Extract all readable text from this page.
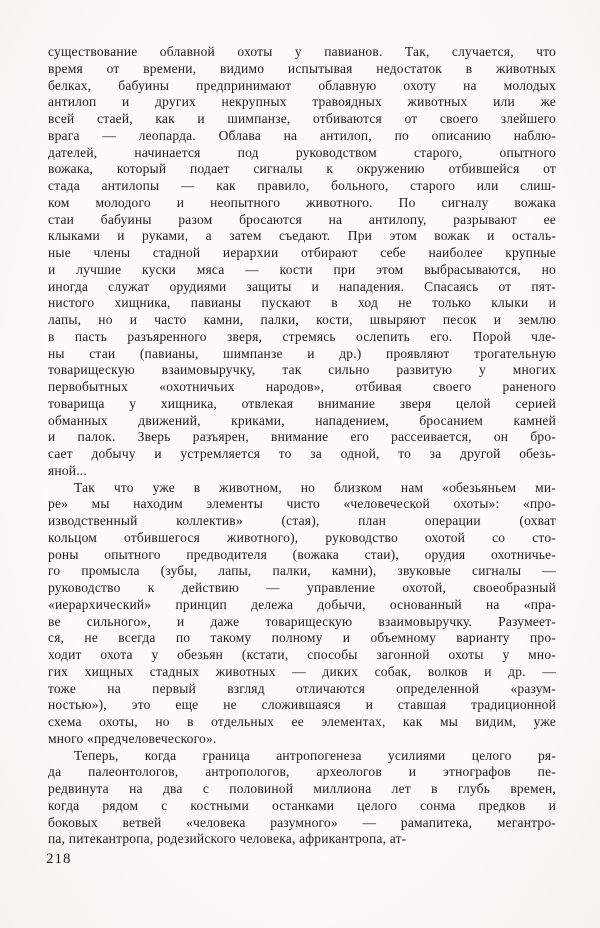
существование облавной охоты у павианов. Так, случается, что
время от времени, видимо испытывая недостаток в животных
белках, бабуины предпринимают облавную охоту на молодых
антилоп и других некрупных травоядных животных или же
всей стаей, как и шимпанзе, отбиваются от своего злейшего
врага — леопарда. Облава на антилоп, по описанию наблю-
дателей, начинается под руководством старого, опытного
вожака, который подает сигналы к окружению отбившейся от
стада антилопы — как правило, больного, старого или слиш-
ком молодого и неопытного животного. По сигналу вожака
стаи бабуины разом бросаются на антилопу, разрывают ее
клыками и руками, а затем съедают. При этом вожак и осталь-
ные члены стадной иерархии отбирают себе наиболее крупные
и лучшие куски мяса — кости при этом выбрасываются, но
иногда служат орудиями защиты и нападения. Спасаясь от пят-
нистого хищника, павианы пускают в ход не только клыки и
лапы, но и часто камни, палки, кости, швыряют песок и землю
в пасть разъяренного зверя, стремясь ослепить его. Порой чле-
ны стаи (павианы, шимпанзе и др.) проявляют трогательную
товарищескую взаимовыручку, так сильно развитую у многих
первобытных «охотничьих народов», отбивая своего раненого
товарища у хищника, отвлекая внимание зверя целой серией
обманных движений, криками, нападением, бросанием камней
и палок. Зверь разъярен, внимание его рассеивается, он бро-
сает добычу и устремляется то за одной, то за другой обезь-
яной...
Так что уже в животном, но близком нам «обезьяньем ми-
ре» мы находим элементы чисто «человеческой охоты»: «про-
изводственный коллектив» (стая), план операции (охват
кольцом отбившегося животного), руководство охотой со сто-
роны опытного предводителя (вожака стаи), орудия охотничье-
го промысла (зубы, лапы, палки, камни), звуковые сигналы —
руководство к действию — управление охотой, своеобразный
«иерархический» принцип дележа добычи, основанный на «пра-
ве сильного», и даже товарищескую взаимовыручку. Разумеет-
ся, не всегда по такому полному и объемному варианту про-
ходит охота у обезьян (кстати, способы загонной охоты у мно-
гих хищных стадных животных — диких собак, волков и др. —
тоже на первый взгляд отличаются определенной «разум-
ностью»), это еще не сложившаяся и ставшая традиционной
схема охоты, но в отдельных ее элементах, как мы видим, уже
много «предчеловеческого».
Теперь, когда граница антропогенеза усилиями целого ря-
да палеонтологов, антропологов, археологов и этнографов пе-
редвинута на два с половиной миллиона лет в глубь времен,
когда рядом с костными останками целого сонма предков и
боковых ветвей «человека разумного» — рамапитека, мегантро-
па, питекантропа, родезийского человека, африкантропа, ат-
218
